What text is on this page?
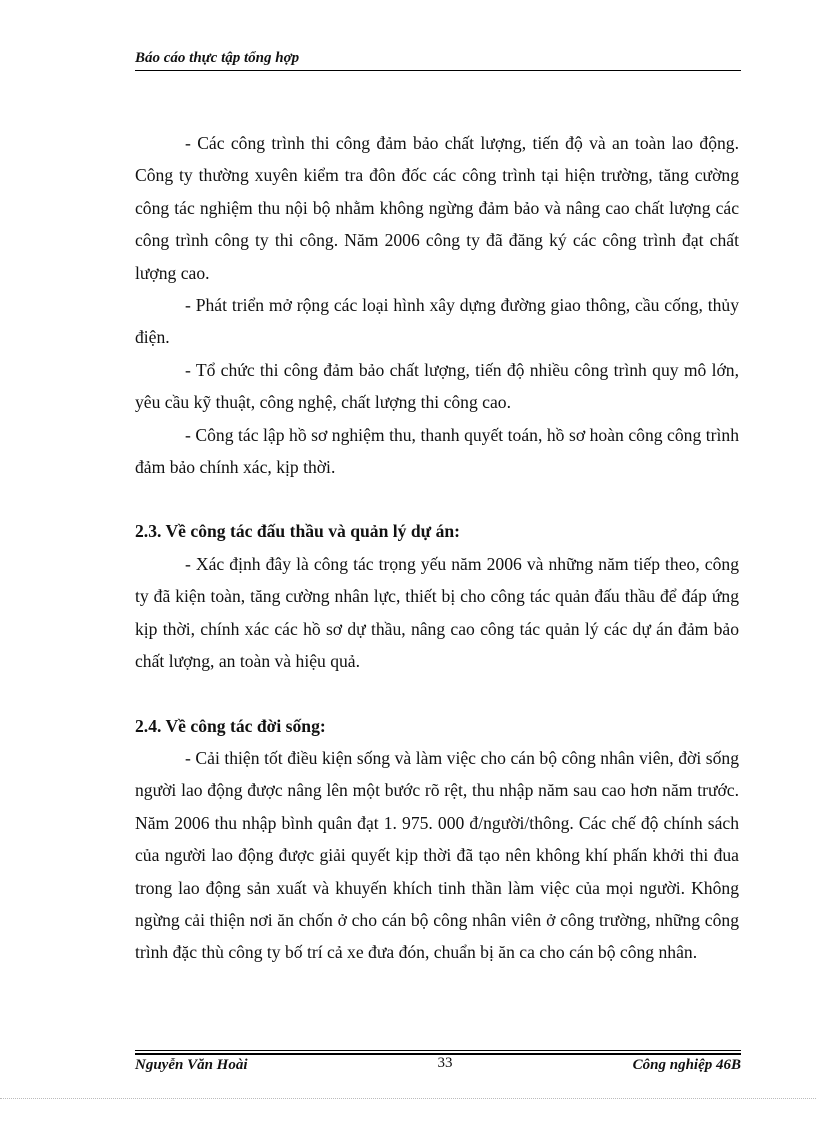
Báo cáo thực tập tổng hợp

- Các công trình thi công đảm bảo chất lượng, tiến độ và an toàn lao động. Công ty thường xuyên kiểm tra đôn đốc các công trình tại hiện trường, tăng cường công tác nghiệm thu nội bộ nhằm không ngừng đảm bảo và nâng cao chất lượng các công trình công ty thi công. Năm 2006 công ty đã đăng ký các công trình đạt chất lượng cao.

- Phát triển mở rộng các loại hình xây dựng đường giao thông, cầu cống, thủy điện.

- Tổ chức thi công đảm bảo chất lượng, tiến độ nhiều công trình quy mô lớn, yêu cầu kỹ thuật, công nghệ, chất lượng thi công cao.

- Công tác lập hồ sơ nghiệm thu, thanh quyết toán, hồ sơ hoàn công công trình đảm bảo chính xác, kịp thời.

2.3. Về công tác đấu thầu và quản lý dự án:

- Xác định đây là công tác trọng yếu năm 2006 và những năm tiếp theo, công ty đã kiện toàn, tăng cường nhân lực, thiết bị cho công tác quản đấu thầu để đáp ứng kịp thời, chính xác các hồ sơ dự thầu, nâng cao công tác quản lý các dự án đảm bảo chất lượng, an toàn và hiệu quả.

2.4. Về công tác đời sống:

- Cải thiện tốt điều kiện sống và làm việc cho cán bộ công nhân viên, đời sống người lao động được nâng lên một bước rõ rệt, thu nhập năm sau cao hơn năm trước. Năm 2006 thu nhập bình quân đạt 1. 975. 000 đ/người/thông. Các chế độ chính sách của người lao động được giải quyết kịp thời đã tạo nên không khí phấn khởi thi đua trong lao động sản xuất và khuyến khích tinh thần làm việc của mọi người. Không ngừng cải thiện nơi ăn chốn ở cho cán bộ công nhân viên ở công trường, những công trình đặc thù công ty bố trí cả xe đưa đón, chuẩn bị ăn ca cho cán bộ công nhân.

Nguyễn Văn Hoài	33	Công nghiệp 46B
